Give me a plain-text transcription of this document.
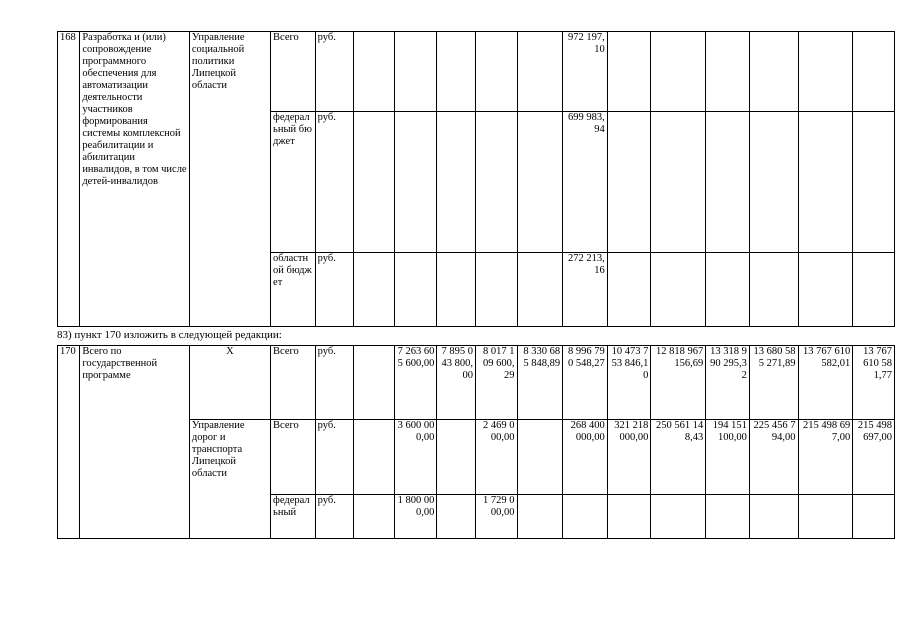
168	Разработка и (или) сопровождение программного обеспечения для автоматизации деятельности участников формирования системы комплексной реабилитации и абилитации инвалидов, в том числе детей-инвалидов	Управление социальной политики Липецкой области	Всего	руб.						972 197,10						
			федеральный бюджет	руб.						699 983,94						
			областной бюджет	руб.						272 213,16						
83) пункт 170 изложить в следующей редакции:
170	Всего по государственной программе	X	Всего	руб.		7 263 605 600,00	7 895 043 800,00	8 017 109 600,29	8 330 685 848,89	8 996 790 548,27	10 473 753 846,10	12 818 967 156,69	13 318 990 295,32	13 680 585 271,89	13 767 610 582,01	13 767 610 581,77
		Управление дорог и транспорта Липецкой области	Всего	руб.		3 600 000,00		2 469 000,00		268 400 000,00	321 218 000,00	250 561 148,43	194 151 100,00	225 456 794,00	215 498 697,00	215 498 697,00
			федеральный	руб.		1 800 000,00		1 729 000,00								
